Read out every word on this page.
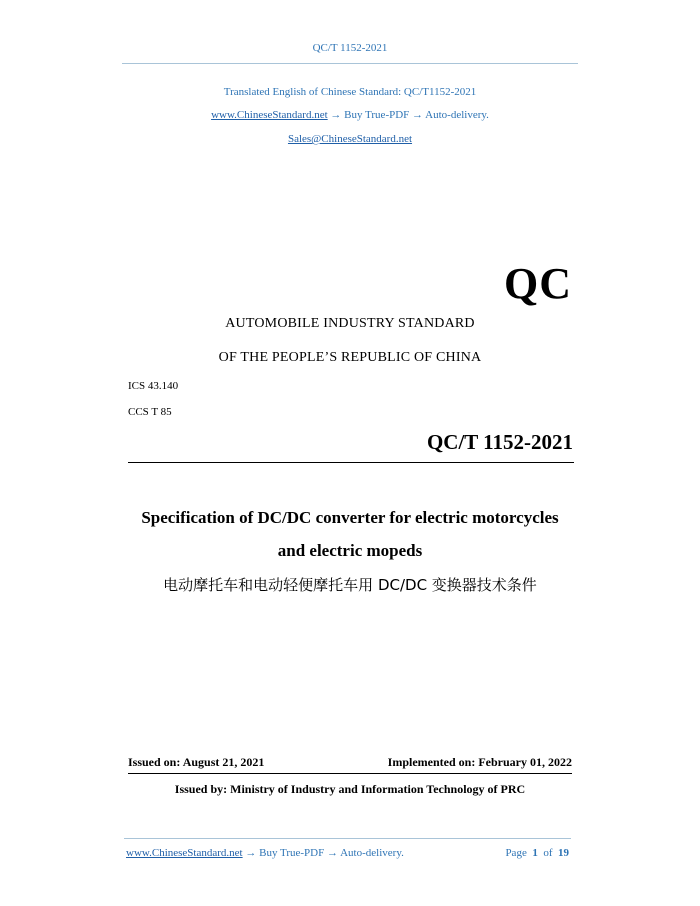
QC/T 1152-2021
Translated English of Chinese Standard: QC/T1152-2021
www.ChineseStandard.net → Buy True-PDF → Auto-delivery.
Sales@ChineseStandard.net
QC
AUTOMOBILE INDUSTRY STANDARD
OF THE PEOPLE’S REPUBLIC OF CHINA
ICS 43.140
CCS T 85
QC/T 1152-2021
Specification of DC/DC converter for electric motorcycles
and electric mopeds
电动摩托车和电动轻便摩托车用 DC/DC 变换器技术条件
Issued on: August 21, 2021	Implemented on: February 01, 2022
Issued by: Ministry of Industry and Information Technology of PRC
www.ChineseStandard.net → Buy True-PDF → Auto-delivery.	Page 1 of 19
